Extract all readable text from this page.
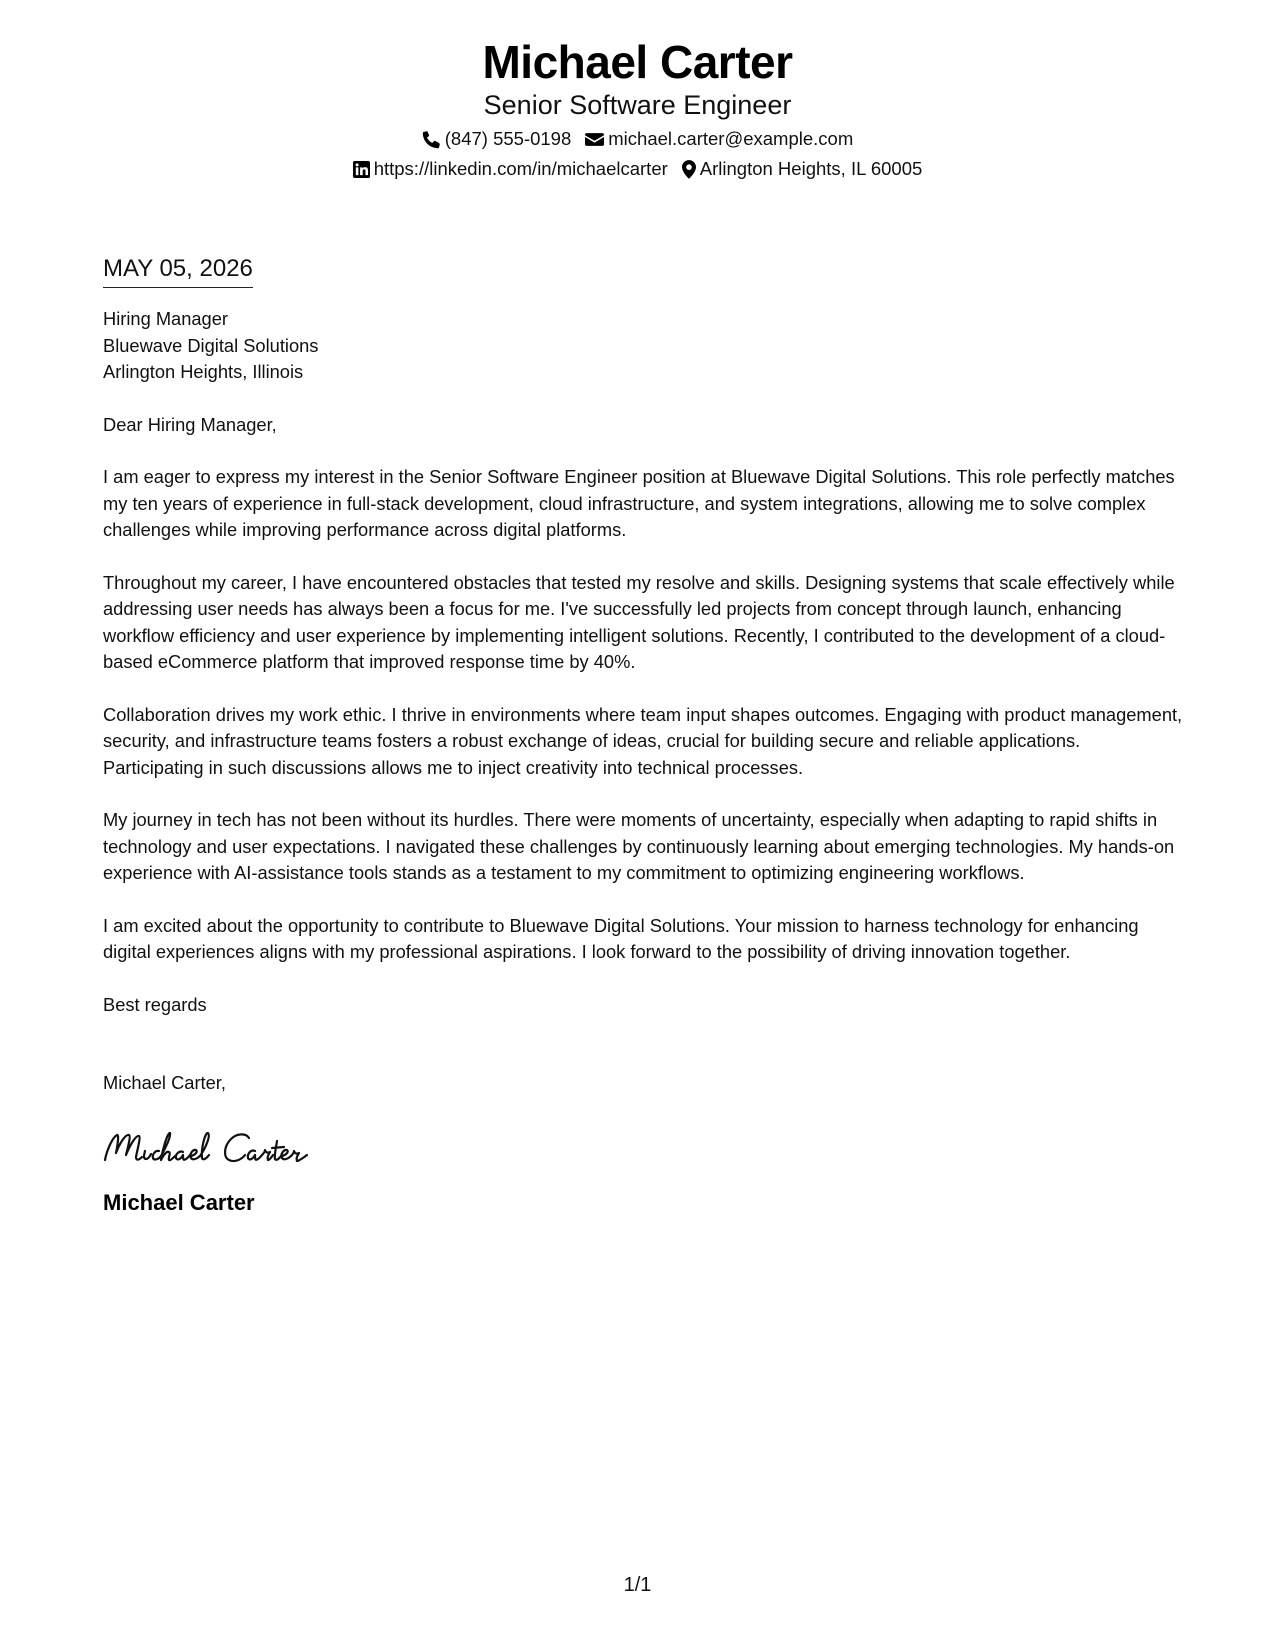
Michael Carter
Senior Software Engineer
(847) 555-0198 michael.carter@example.com
https://linkedin.com/in/michaelcarter Arlington Heights, IL 60005
MAY 05, 2026
Hiring Manager
Bluewave Digital Solutions
Arlington Heights, Illinois
Dear Hiring Manager,
I am eager to express my interest in the Senior Software Engineer position at Bluewave Digital Solutions. This role perfectly matches my ten years of experience in full-stack development, cloud infrastructure, and system integrations, allowing me to solve complex challenges while improving performance across digital platforms.
Throughout my career, I have encountered obstacles that tested my resolve and skills. Designing systems that scale effectively while addressing user needs has always been a focus for me. I've successfully led projects from concept through launch, enhancing workflow efficiency and user experience by implementing intelligent solutions. Recently, I contributed to the development of a cloud-based eCommerce platform that improved response time by 40%.
Collaboration drives my work ethic. I thrive in environments where team input shapes outcomes. Engaging with product management, security, and infrastructure teams fosters a robust exchange of ideas, crucial for building secure and reliable applications. Participating in such discussions allows me to inject creativity into technical processes.
My journey in tech has not been without its hurdles. There were moments of uncertainty, especially when adapting to rapid shifts in technology and user expectations. I navigated these challenges by continuously learning about emerging technologies. My hands-on experience with AI-assistance tools stands as a testament to my commitment to optimizing engineering workflows.
I am excited about the opportunity to contribute to Bluewave Digital Solutions. Your mission to harness technology for enhancing digital experiences aligns with my professional aspirations. I look forward to the possibility of driving innovation together.
Best regards
Michael Carter,
Michael Carter
1/1
